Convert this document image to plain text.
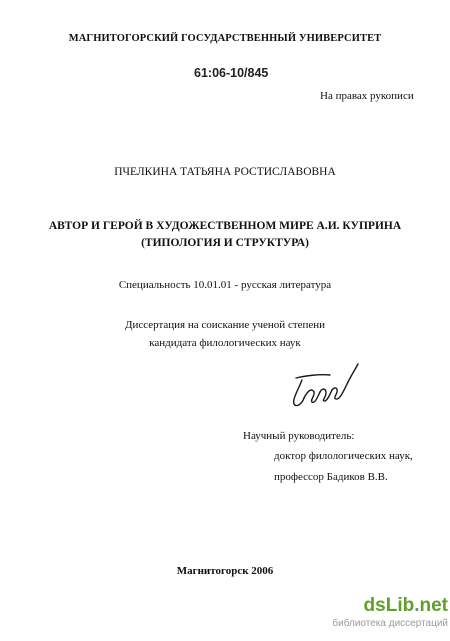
МАГНИТОГОРСКИЙ ГОСУДАРСТВЕННЫЙ УНИВЕРСИТЕТ
61:06-10/845
На правах рукописи
ПЧЕЛКИНА ТАТЬЯНА РОСТИСЛАВОВНА
АВТОР И ГЕРОЙ В ХУДОЖЕСТВЕННОМ МИРЕ А.И. КУПРИНА
(ТИПОЛОГИЯ И СТРУКТУРА)
Специальность 10.01.01 - русская литература
Диссертация на соискание ученой степени
кандидата филологических наук
Научный руководитель:
доктор филологических наук,
профессор Бадиков В.В.
Магнитогорск 2006
dsLib.net
библиотека диссертаций
